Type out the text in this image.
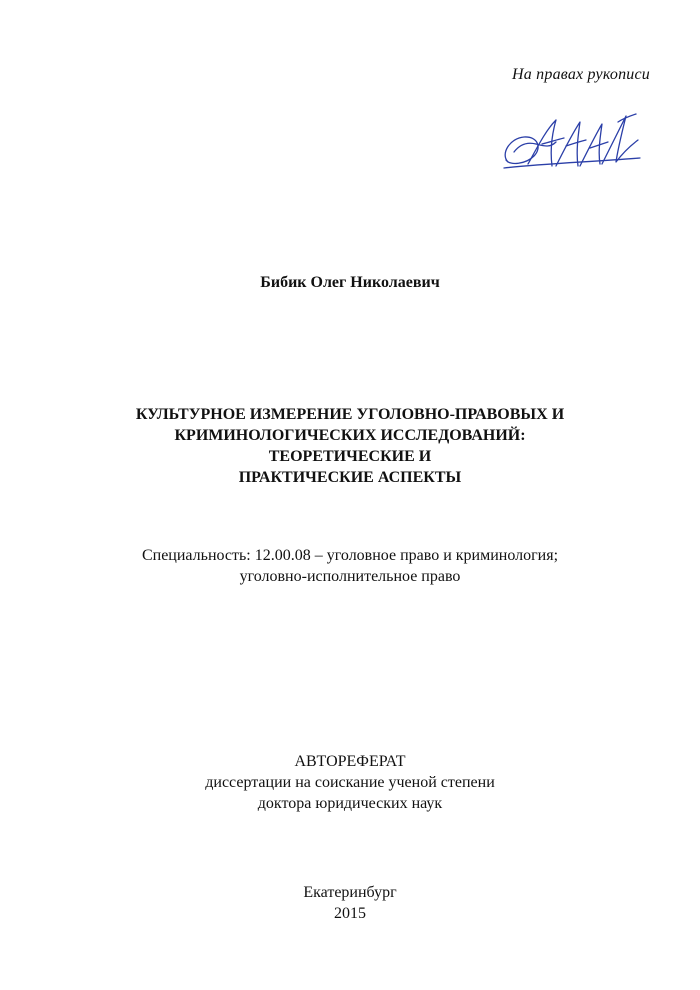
На правах рукописи
Бибик Олег Николаевич
КУЛЬТУРНОЕ ИЗМЕРЕНИЕ УГОЛОВНО-ПРАВОВЫХ И
КРИМИНОЛОГИЧЕСКИХ ИССЛЕДОВАНИЙ: ТЕОРЕТИЧЕСКИЕ И
ПРАКТИЧЕСКИЕ АСПЕКТЫ
Специальность: 12.00.08 – уголовное право и криминология;
уголовно-исполнительное право
АВТОРЕФЕРАТ
диссертации на соискание ученой степени
доктора юридических наук
Екатеринбург
2015
